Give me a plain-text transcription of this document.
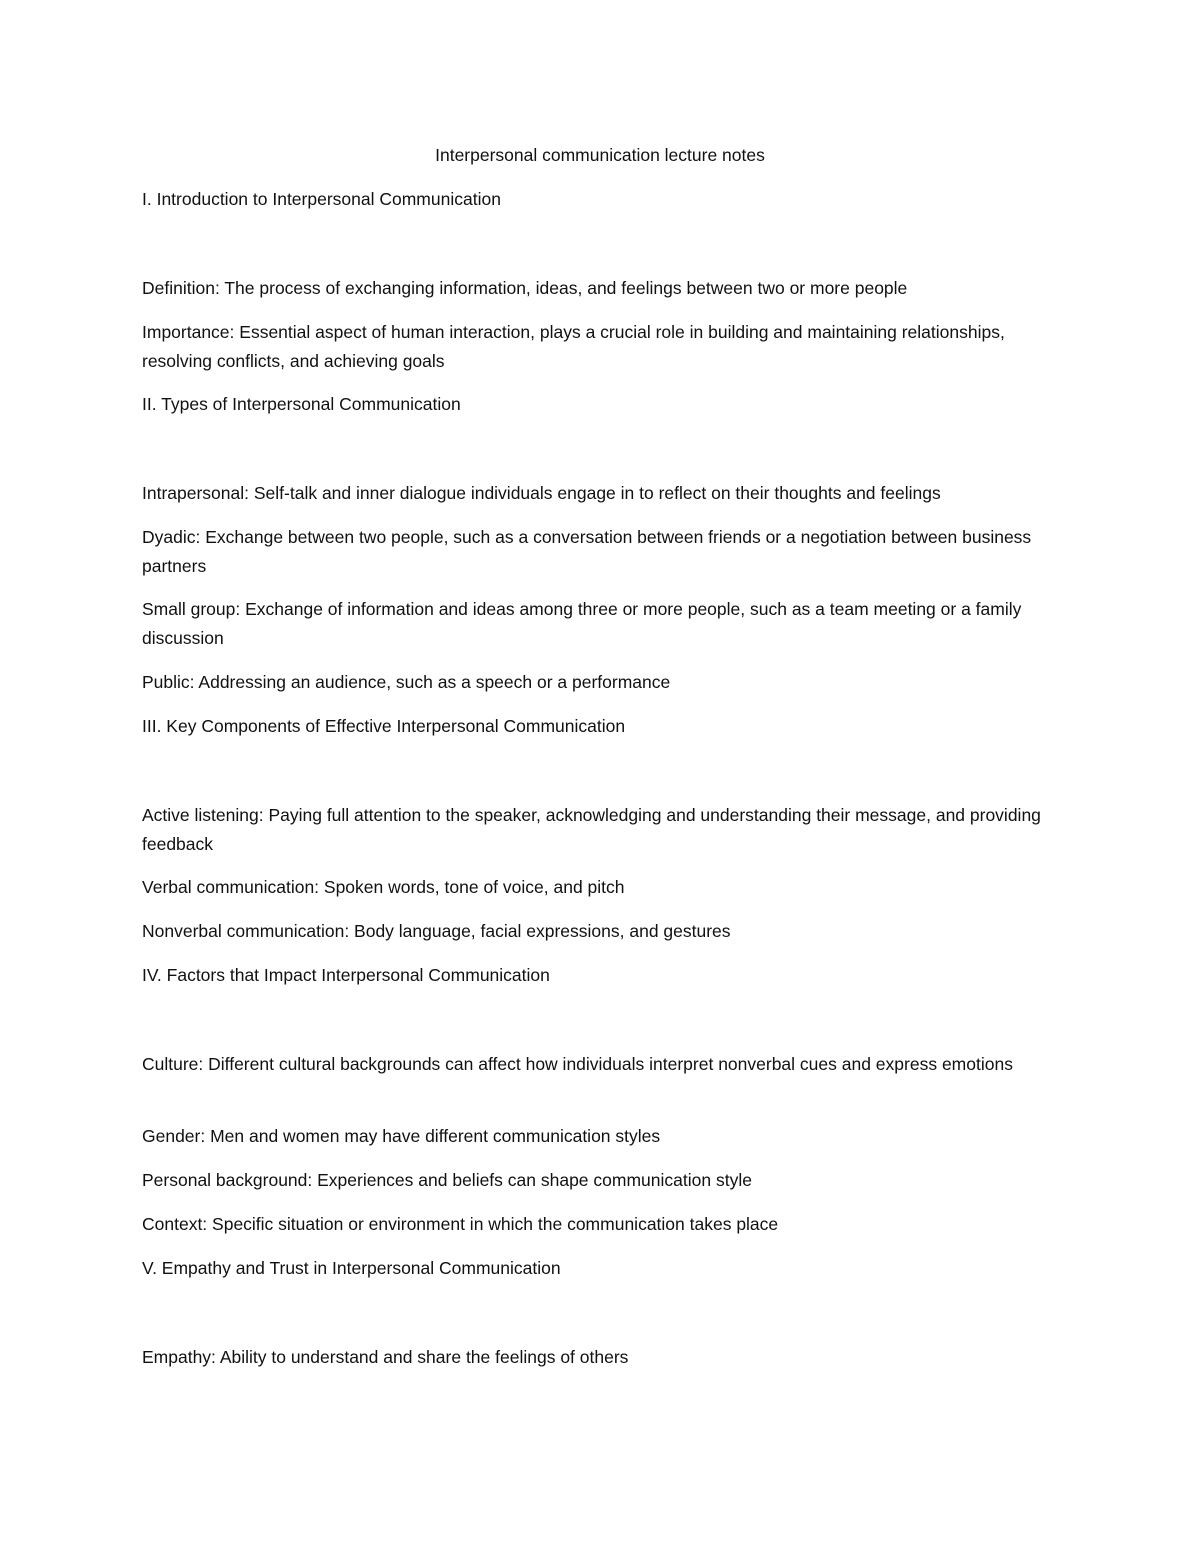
Interpersonal communication lecture notes
I. Introduction to Interpersonal Communication
Definition: The process of exchanging information, ideas, and feelings between two or more people
Importance: Essential aspect of human interaction, plays a crucial role in building and maintaining relationships, resolving conflicts, and achieving goals
II. Types of Interpersonal Communication
Intrapersonal: Self-talk and inner dialogue individuals engage in to reflect on their thoughts and feelings
Dyadic: Exchange between two people, such as a conversation between friends or a negotiation between business partners
Small group: Exchange of information and ideas among three or more people, such as a team meeting or a family discussion
Public: Addressing an audience, such as a speech or a performance
III. Key Components of Effective Interpersonal Communication
Active listening: Paying full attention to the speaker, acknowledging and understanding their message, and providing feedback
Verbal communication: Spoken words, tone of voice, and pitch
Nonverbal communication: Body language, facial expressions, and gestures
IV. Factors that Impact Interpersonal Communication
Culture: Different cultural backgrounds can affect how individuals interpret nonverbal cues and express emotions
Gender: Men and women may have different communication styles
Personal background: Experiences and beliefs can shape communication style
Context: Specific situation or environment in which the communication takes place
V. Empathy and Trust in Interpersonal Communication
Empathy: Ability to understand and share the feelings of others
